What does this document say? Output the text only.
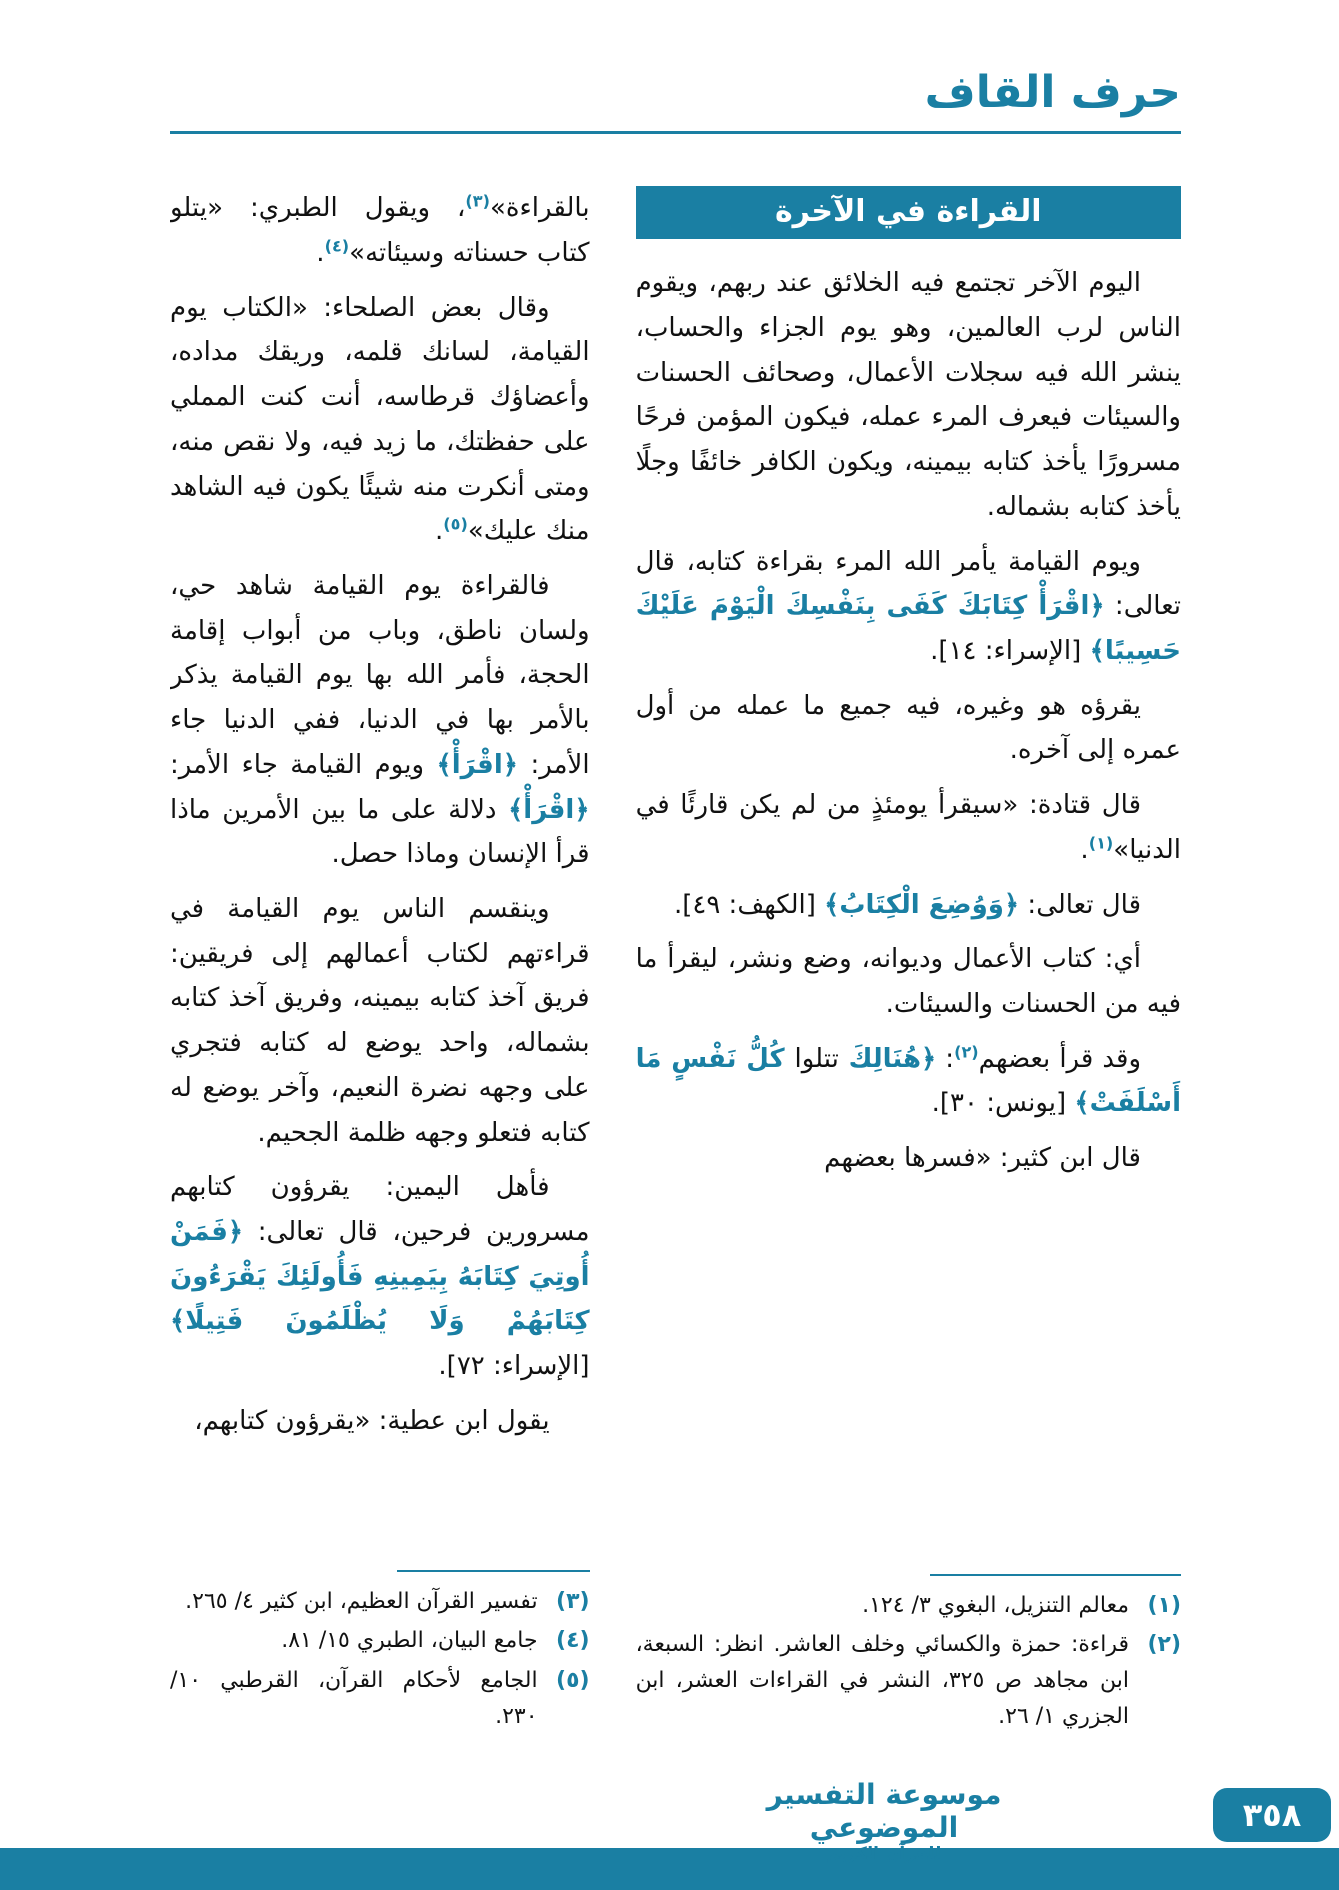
حرف القاف
القراءة في الآخرة

اليوم الآخر تجتمع فيه الخلائق عند ربهم، ويقوم الناس لرب العالمين، وهو يوم الجزاء والحساب، ينشر الله فيه سجلات الأعمال، وصحائف الحسنات والسيئات فيعرف المرء عمله، فيكون المؤمن فرحًا مسرورًا يأخذ كتابه بيمينه، ويكون الكافر خائفًا وجلًا يأخذ كتابه بشماله.

ويوم القيامة يأمر الله المرء بقراءة كتابه، قال تعالى: ﴿اقْرَأْ كِتَابَكَ كَفَى بِنَفْسِكَ الْيَوْمَ عَلَيْكَ حَسِيبًا﴾ [الإسراء: ١٤].

يقرؤه هو وغيره، فيه جميع ما عمله من أول عمره إلى آخره.

قال قتادة: «سيقرأ يومئذٍ من لم يكن قارئًا في الدنيا»$^{(١)}$.

قال تعالى: ﴿وَوُضِعَ الْكِتَابُ﴾ [الكهف: ٤٩].

أي: كتاب الأعمال وديوانه، وضع ونشر، ليقرأ ما فيه من الحسنات والسيئات.

وقد قرأ بعضهم$^{(٢)}$: ﴿هُنَالِكَ تتلوا كُلُّ نَفْسٍ مَا أَسْلَفَتْ﴾ [يونس: ٣٠].

قال ابن كثير: «فسرها بعضهم

(١)
معالم التنزيل، البغوي ٣/ ١٢٤.
(٢)
قراءة: حمزة والكسائي وخلف العاشر. انظر: السبعة، ابن مجاهد ص ٣٢٥، النشر في القراءات العشر، ابن الجزري ١/ ٢٦.

بالقراءة»$^{(٣)}$، ويقول الطبري: «يتلو كتاب حسناته وسيئاته»$^{(٤)}$.

وقال بعض الصلحاء: «الكتاب يوم القيامة، لسانك قلمه، وريقك مداده، وأعضاؤك قرطاسه، أنت كنت المملي على حفظتك، ما زيد فيه، ولا نقص منه، ومتى أنكرت منه شيئًا يكون فيه الشاهد منك عليك»$^{(٥)}$.

فالقراءة يوم القيامة شاهد حي، ولسان ناطق، وباب من أبواب إقامة الحجة، فأمر الله بها يوم القيامة يذكر بالأمر بها في الدنيا، ففي الدنيا جاء الأمر: ﴿اقْرَأْ﴾ ويوم القيامة جاء الأمر: ﴿اقْرَأْ﴾ دلالة على ما بين الأمرين ماذا قرأ الإنسان وماذا حصل.

وينقسم الناس يوم القيامة في قراءتهم لكتاب أعمالهم إلى فريقين: فريق آخذ كتابه بيمينه، وفريق آخذ كتابه بشماله، واحد يوضع له كتابه فتجري على وجهه نضرة النعيم، وآخر يوضع له كتابه فتعلو وجهه ظلمة الجحيم.

فأهل اليمين: يقرؤون كتابهم مسرورين فرحين، قال تعالى: ﴿فَمَنْ أُوتِيَ كِتَابَهُ بِيَمِينِهِ فَأُولَئِكَ يَقْرَءُونَ كِتَابَهُمْ وَلَا يُظْلَمُونَ فَتِيلًا﴾ [الإسراء: ٧٢].

يقول ابن عطية: «يقرؤون كتابهم،

(٣)
تفسير القرآن العظيم، ابن كثير ٤/ ٢٦٥.
(٤)
جامع البيان، الطبري ١٥/ ٨١.
(٥)
الجامع لأحكام القرآن، القرطبي ١٠/ ٢٣٠.
موسوعة التفسير الموضوعي
للقرآن الكريم
٣٥٨
